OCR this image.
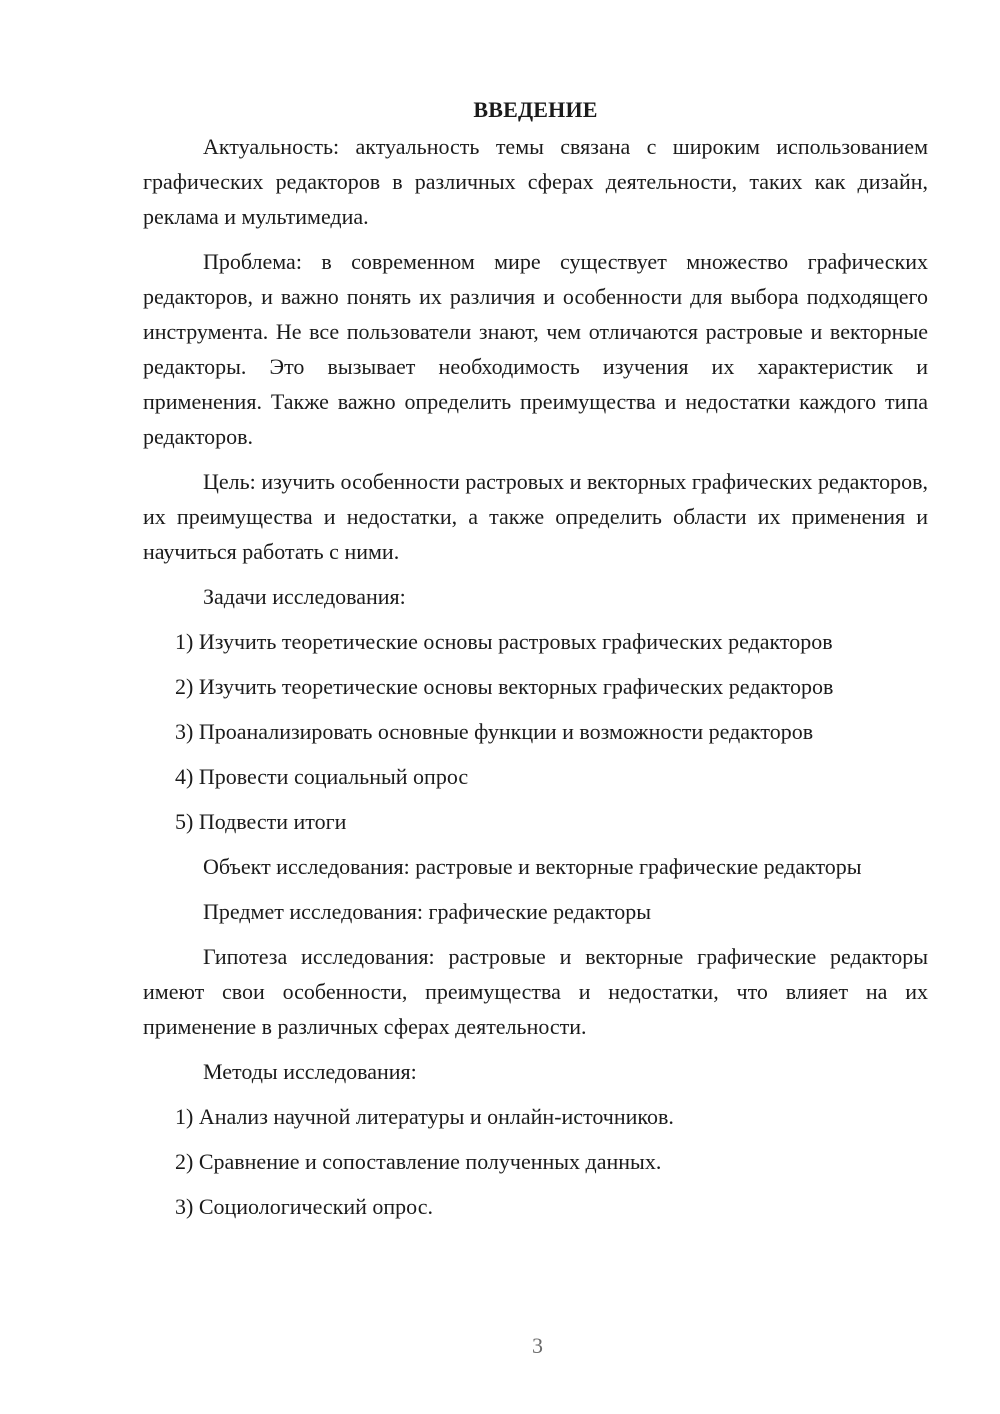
ВВЕДЕНИЕ

Актуальность: актуальность темы связана с широким использованием графических редакторов в различных сферах деятельности, таких как дизайн, реклама и мультимедиа.

Проблема: в современном мире существует множество графических редакторов, и важно понять их различия и особенности для выбора подходящего инструмента. Не все пользователи знают, чем отличаются растровые и векторные редакторы. Это вызывает необходимость изучения их характеристик и применения. Также важно определить преимущества и недостатки каждого типа редакторов.

Цель: изучить особенности растровых и векторных графических редакторов, их преимущества и недостатки, а также определить области их применения и научиться работать с ними.

Задачи исследования:

1) Изучить теоретические основы растровых графических редакторов
2) Изучить теоретические основы векторных графических редакторов
3) Проанализировать основные функции и возможности редакторов
4) Провести социальный опрос
5) Подвести итоги

Объект исследования: растровые и векторные графические редакторы

Предмет исследования: графические редакторы

Гипотеза исследования: растровые и векторные графические редакторы имеют свои особенности, преимущества и недостатки, что влияет на их применение в различных сферах деятельности.

Методы исследования:

1) Анализ научной литературы и онлайн-источников.
2) Сравнение и сопоставление полученных данных.
3) Социологический опрос.
3
